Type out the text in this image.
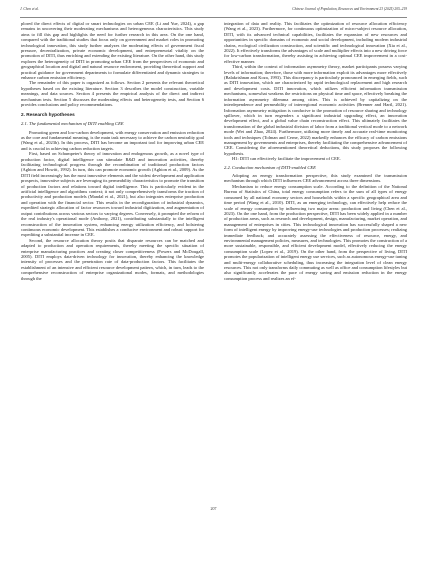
J. Chen et al.	Chinese Journal of Population, Resources and Environment 23 (2025) 205–219

plored the direct effects of digital or smart technologies on urban CEE (Li and Yue, 2024), a gap remains in uncovering their moderating mechanisms and heterogeneous characteristics. This study aims to fill this gap and highlights the need for further research in this area. On the one hand, compared with the traditional studies that focus only on government and market roles in promoting technological innovation, this study further analyzes the moderating effects of government fiscal pressure, decentralization, private economic development, and entrepreneurial vitality on the promotion of DITI, thus enriching and extending the existing literature. On the other hand, this study explores the heterogeneity of DITI in promoting urban CEE from the perspectives of economic and geographical location and digital and natural resource endowment, providing theoretical support and practical guidance for government departments to formulate differentiated and dynamic strategies to enhance carbon emission efficiency.

The remainder of this paper is organized as follows. Section 2 presents the relevant theoretical hypotheses based on the existing literature. Section 3 describes the model construction, variable meanings, and data sources. Section 4 presents the empirical analysis of the direct and indirect mechanism tests. Section 5 discusses the moderating effects and heterogeneity tests, and Section 6 provides conclusions and policy recommendations.

2. Research hypotheses
2.1. The fundamental mechanism of DITI enabling CEE

Promoting green and low-carbon development, with energy conservation and emission reduction as the core and fundamental meaning, is the main task necessary to achieve the carbon neutrality goal (Wang et al., 2023b). In this process, DITI has become an important tool for improving urban CEE and is crucial in achieving carbon reduction targets.

First, based on Schumpeter's theory of innovation and endogenous growth, as a novel type of production factor, digital intelligence can stimulate R&D and innovation activities, thereby facilitating technological progress through the recombination of traditional production factors (Aghion and Howitt, 1992). In turn, this can promote economic growth (Aghion et al., 2009). As the DITI field increasingly has the most innovative elements and the widest development and application prospects, innovative subjects are leveraging its permeability characteristics to promote the transition of production factors and relations toward digital intelligence. This is particularly evident in the artificial intelligence and algorithms context; it not only comprehensively transforms the traction of productivity and production models (Mandal et al., 2021), but also integrates enterprise production and operation with the financial sector. This results in the reconfiguration of industrial dynamics, expedited strategic allocation of factor resources toward industrial digitization, and augmentation of output contributions across various sectors to varying degrees. Conversely, it prompted the reform of the real industry's operational mode (Anthony, 2021), contributing substantially to the intelligent reconstruction of the innovation system, enhancing energy utilization efficiency, and bolstering continuous economic development. This establishes a conducive environment and robust support for expediting a substantial increase in CEE.

Second, the resource allocation theory posits that disparate resources can be matched and adapted to production and operation requirements, thereby meeting the specific situation of enterprise manufacturing practices and creating closer competitiveness (Powers and McDougall, 2005). DITI employs data-driven technology for innovation, thereby enhancing the knowledge intensity of processes and the penetration rate of data-production factors. This facilitates the establishment of an intensive and efficient resource development pattern, which, in turn, leads to the comprehensive reconstruction of enterprise organizational modes, formats, and methodologies through the

integration of data and reality. This facilitates the optimization of resource allocation efficiency (Wang et al., 2023). Furthermore, for continuous optimization of micro-subject resource allocation, DITI, with its advanced technical capabilities, facilitates the expansion of new resources and opportunities in specific domains of economic and social development, including modern industrial chains, ecological civilization construction, and scientific and technological innovation (Xia et al., 2022). It effectively transforms the advantages of scale and multiplier effects into a new driving force for low-carbon transformation, thereby assisting in achieving optimal CEE improvement in a cost-effective manner.

Third, within the context of information asymmetry theory, market participants possess varying levels of information; therefore, those with more information exploit its advantages more effectively (Balakrishnan and Koza, 1993). This discrepancy is particularly pronounced in emerging fields, such as DITI innovation, which are characterized by rapid technological replacement and high research and development costs. DITI innovation, which utilizes efficient information transmission mechanisms, somewhat weakens the restrictions on physical time and space, effectively breaking the information asymmetry dilemma among cities. This is achieved by capitalizing on the interdependence and permeability of interregional economic activities (Brenner and Hartl, 2021). Information asymmetry mitigation is conducive to the promotion of resource sharing and technology spillover, which in turn engenders a significant industrial upgrading effect, an innovation development effect, and a global value chain reconstruction effect. This ultimately facilitates the transformation of the global industrial division of labor from a traditional vertical mode to a network mode (Wei and Zhao, 2024). Furthermore, utilizing more timely and accurate real-time monitoring tools and techniques (Tolman and Cerne, 2022) markedly enhances the efficacy of carbon emissions management by governments and enterprises, thereby facilitating the comprehensive advancement of CEE. Considering the aforementioned theoretical deductions, this study proposes the following hypothesis.

H1: DITI can effectively facilitate the improvement of CEE.

2.2. Conduction mechanism of DITI-enabled CEE

Adopting an energy transformation perspective, this study examined the transmission mechanism through which DITI influences CEE advancement across three dimensions.

Mechanism to reduce energy consumption scale. According to the definition of the National Bureau of Statistics of China, total energy consumption refers to the sum of all types of energy consumed by all national economy sectors and households within a specific geographical area and time period (Wang et al., 2010). DITI, as an emerging technology, can effectively help reduce the scale of energy consumption by influencing two major areas: production and living (Chen et al., 2023). On the one hand, from the production perspective, DITI has been widely applied in a number of production areas, such as research and development, design, manufacturing, market operation, and management of enterprises in cities. This technological innovation has successfully shaped a new form of intelligent energy by improving energy-use technologies and production processes; realizing immediate feedback; and accurately assessing the effectiveness of resource, energy, and environmental management policies, measures, and technologies. This promotes the construction of a more sustainable, responsible, and efficient development model, effectively reducing the energy consumption scale (Lopez et al., 2019). On the other hand, from the perspective of living, DITI promotes the popularization of intelligent energy use services, such as autonomous energy-use tuning and multi-energy collaborative scheduling, thus increasing the integration level of clean energy resources. This not only transforms daily commuting as well as office and consumption lifestyles but also significantly accelerates the pace of energy saving and emission reduction in the energy consumption process and realizes an ef-

207
